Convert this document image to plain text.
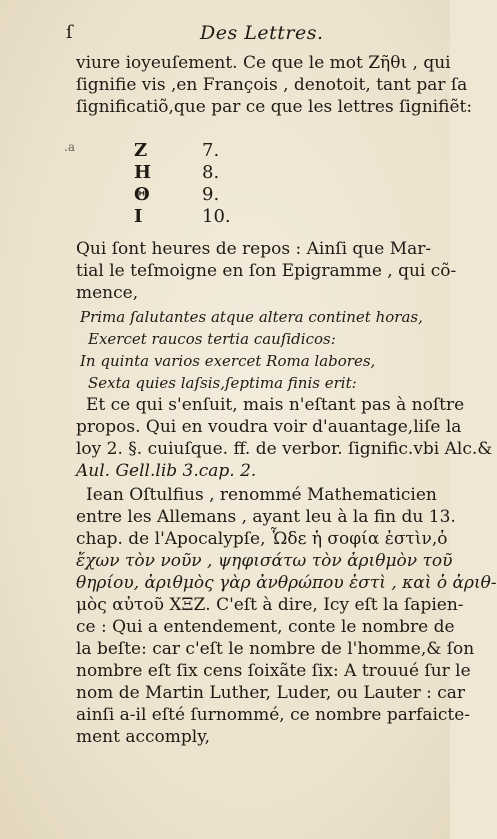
ſ	Des Lettres.
viure ioyeuſement. Ce que le mot Ζῆθι , qui
ſignifie vis ,en François , denotoit, tant par ſa
ſignificatiõ,que par ce que les lettres ſignifiẽt:
.a	Z	7.
H	8.
Θ	9.
I	10.
Qui ſont heures de repos : Ainſi que Mar-
tial le teſmoigne en ſon Epigramme , qui cõ-
mence,
Prima ſalutantes atque altera continet horas,
Exercet raucos tertia cauſidicos:
In quinta varios exercet Roma labores,
Sexta quies laſsis,ſeptima finis erit:
Et ce qui s'enſuit, mais n'eſtant pas à noſtre
propos. Qui en voudra voir d'auantage,liſe la
loy 2. §. cuiuſque. ff. de verbor. ſignific.vbi Alc.&
Aul. Gell.lib 3.cap. 2.
Iean Oſtulfius , renommé Mathematicien
entre les Allemans , ayant leu à la fin du 13.
chap. de l'Apocalypſe, Ὧδε ἡ σοφία ἐστὶν,ὁ
ἔχων τὸν νοῦν , ψηφισάτω τὸν ἀριθμὸν τοῦ
θηρίου, ἀριθμὸς γὰρ ἀνθρώπου ἐστὶ , καὶ ὁ ἀριθ-
μὸς αὐτοῦ ΧΞΖ. C'eſt à dire, Icy eſt la ſapien-
ce : Qui a entendement, conte le nombre de
la beſte: car c'eſt le nombre de l'homme,& ſon
nombre eſt ſix cens ſoixãte ſix: A trouué ſur le
nom de Martin Luther, Luder, ou Lauter : car
ainſi a-il eſté ſurnommé, ce nombre parfaicte-
ment accomply,
